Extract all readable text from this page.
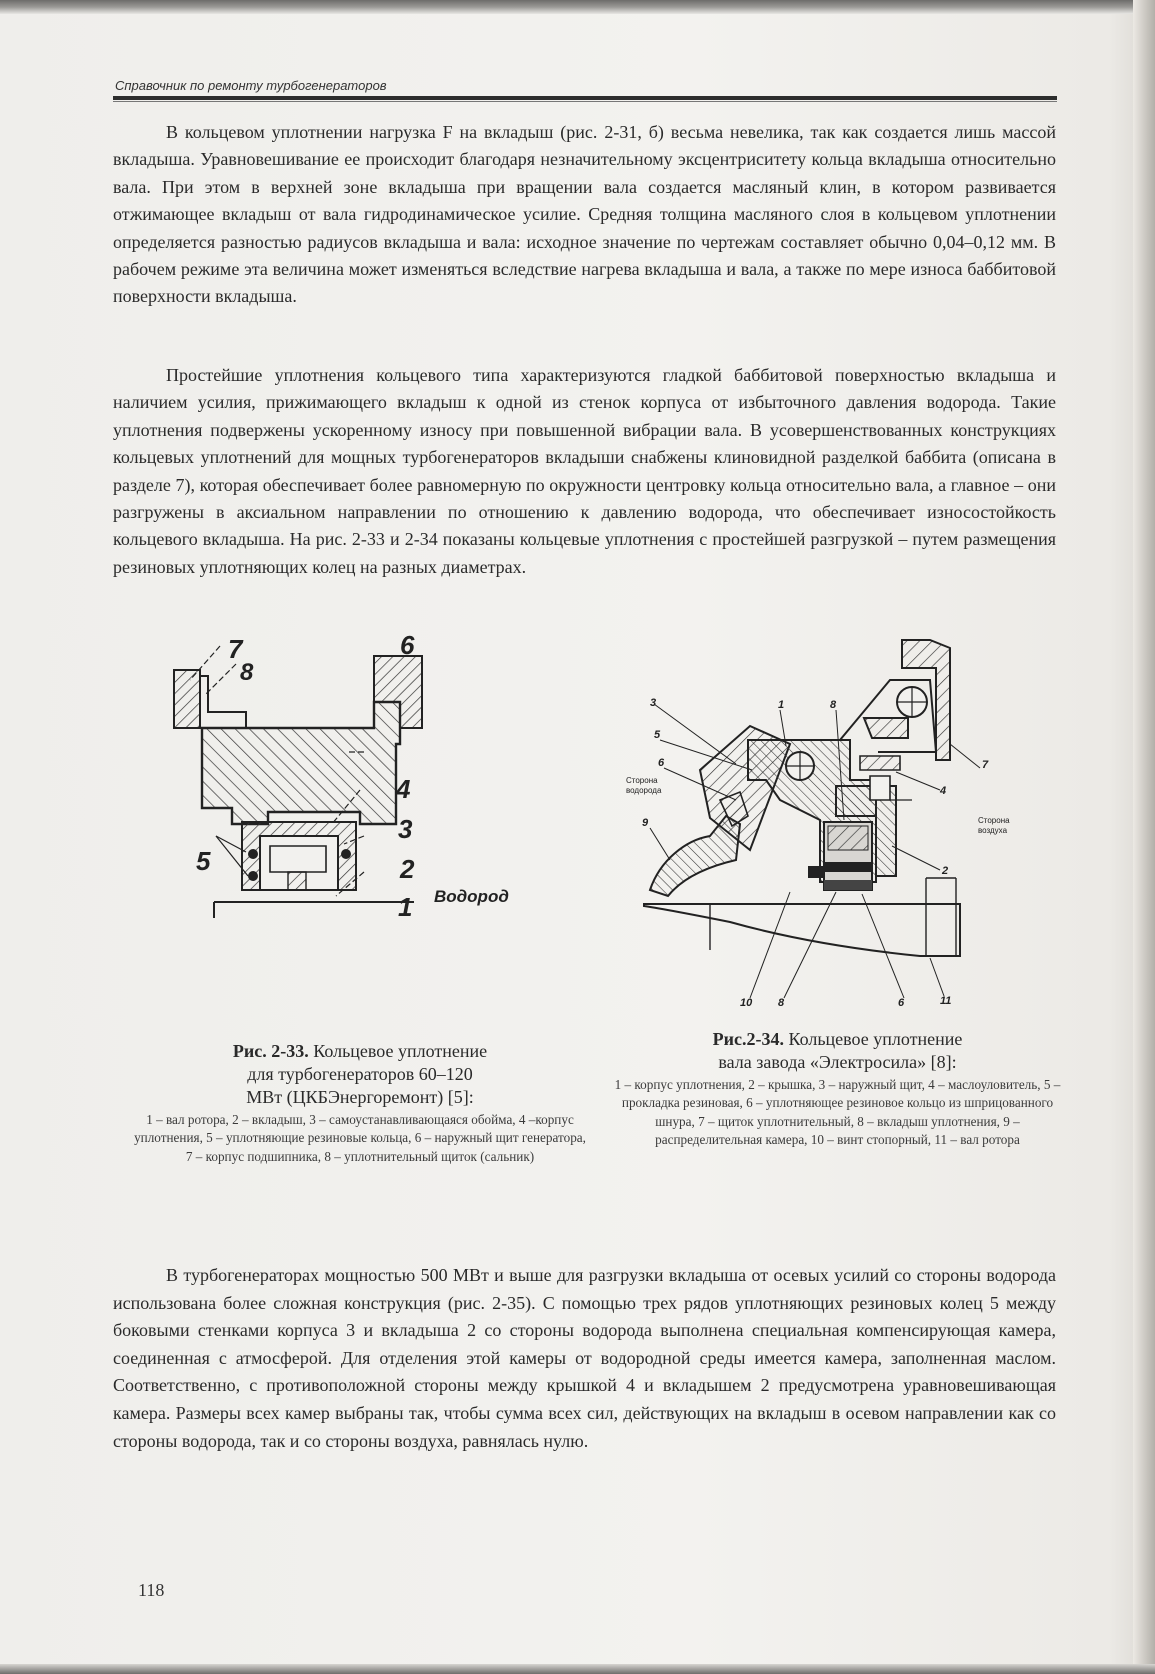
Справочник по ремонту турбогенераторов

В кольцевом уплотнении нагрузка F на вкладыш (рис. 2-31, б) весьма невелика, так как создается лишь массой вкладыша. Уравновешивание ее происходит благодаря незначительному эксцентриситету кольца вкладыша относительно вала. При этом в верхней зоне вкладыша при вращении вала создается масляный клин, в котором развивается отжимающее вкладыш от вала гидродинамическое усилие. Средняя толщина масляного слоя в кольцевом уплотнении определяется разностью радиусов вкладыша и вала: исходное значение по чертежам составляет обычно 0,04–0,12 мм. В рабочем режиме эта величина может изменяться вследствие нагрева вкладыша и вала, а также по мере износа баббитовой поверхности вкладыша.

Простейшие уплотнения кольцевого типа характеризуются гладкой баббитовой поверхностью вкладыша и наличием усилия, прижимающего вкладыш к одной из стенок корпуса от избыточного давления водорода. Такие уплотнения подвержены ускоренному износу при повышенной вибрации вала. В усовершенствованных конструкциях кольцевых уплотнений для мощных турбогенераторов вкладыши снабжены клиновидной разделкой баббита (описана в разделе 7), которая обеспечивает более равномерную по окружности центровку кольца относительно вала, а главное – они разгружены в аксиальном направлении по отношению к давлению водорода, что обеспечивает износостойкость кольцевого вкладыша. На рис. 2-33 и 2-34 показаны кольцевые уплотнения с простейшей разгрузкой – путем размещения резиновых уплотняющих колец на разных диаметрах.

7
8
6
4
3
5	2
1 Водород
3	1	8
5
6	7
4
9
2
10 8	6	11
Сторона водорода
Сторона воздуха
Рис. 2-33. Кольцевое уплотнение
для турбогенераторов 60–120
МВт (ЦКБЭнергоремонт) [5]:
1 – вал ротора, 2 – вкладыш, 3 – самоустанавливающаяся обойма, 4 –корпус уплотнения, 5 – уплотняющие резиновые кольца, 6 – наружный щит генератора, 7 – корпус подшипника, 8 – уплотнительный щиток (сальник)
Рис.2-34. Кольцевое уплотнение
вала завода «Электросила» [8]:
1 – корпус уплотнения, 2 – крышка, 3 – наружный щит, 4 – маслоуловитель, 5 – прокладка резиновая, 6 – уплотняющее резиновое кольцо из шприцованного шнура, 7 – щиток уплотнительный, 8 – вкладыш уплотнения, 9 – распределительная камера, 10 – винт стопорный, 11 – вал ротора

В турбогенераторах мощностью 500 МВт и выше для разгрузки вкладыша от осевых усилий со стороны водорода использована более сложная конструкция (рис. 2-35). С помощью трех рядов уплотняющих резиновых колец 5 между боковыми стенками корпуса 3 и вкладыша 2 со стороны водорода выполнена специальная компенсирующая камера, соединенная с атмосферой. Для отделения этой камеры от водородной среды имеется камера, заполненная маслом. Соответственно, с противоположной стороны между крышкой 4 и вкладышем 2 предусмотрена уравновешивающая камера. Размеры всех камер выбраны так, чтобы сумма всех сил, действующих на вкладыш в осевом направлении как со стороны водорода, так и со стороны воздуха, равнялась нулю.

118
